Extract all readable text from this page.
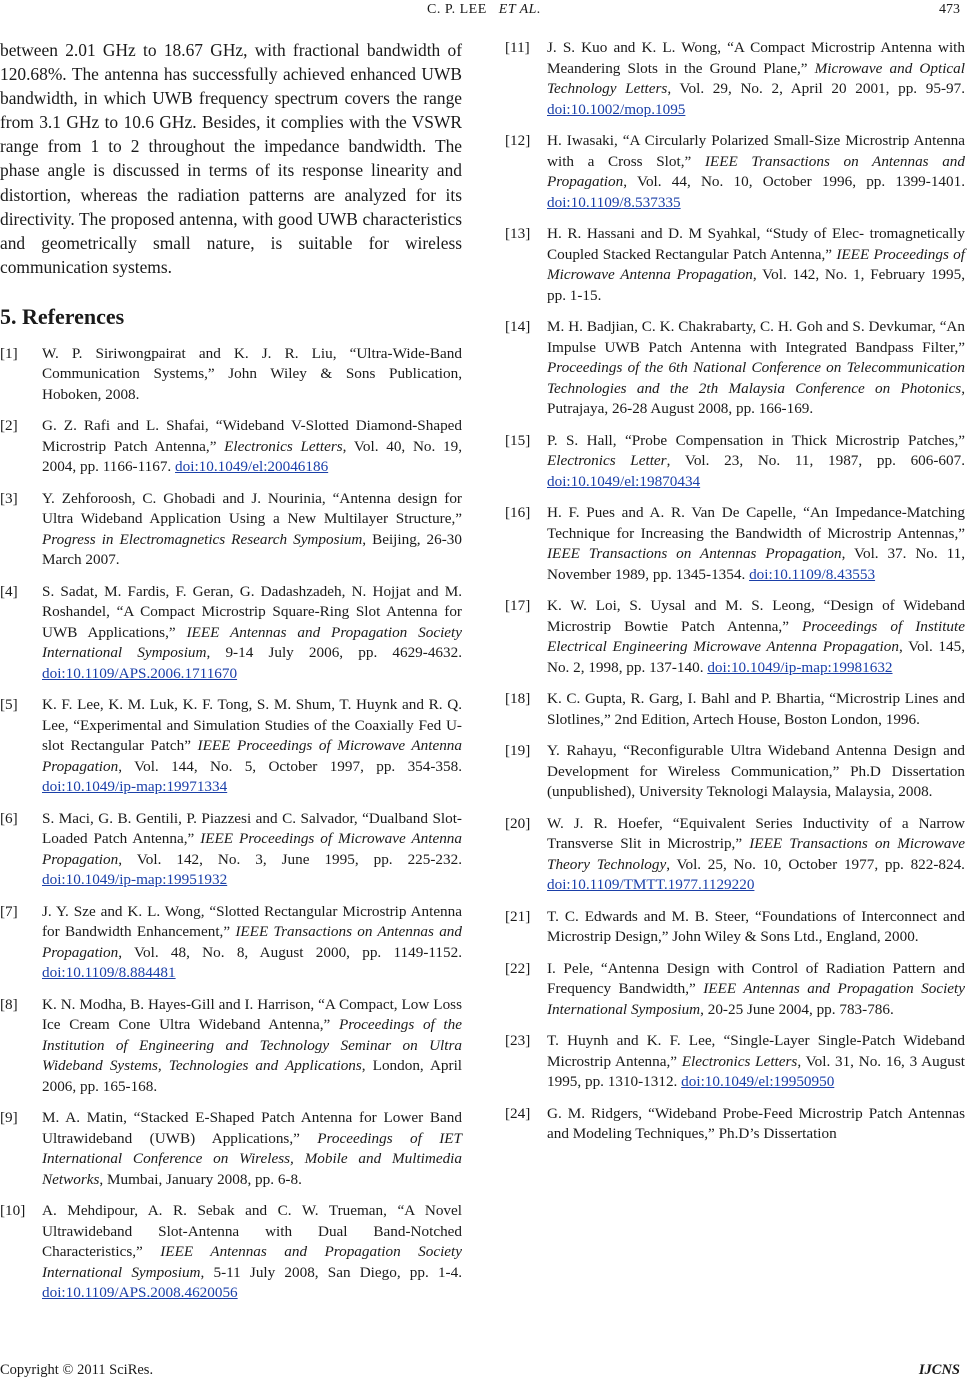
C. P. LEE ET AL.	473

between 2.01 GHz to 18.67 GHz, with fractional bandwidth of 120.68%. The antenna has successfully achieved enhanced UWB bandwidth, in which UWB frequency spectrum covers the range from 3.1 GHz to 10.6 GHz. Besides, it complies with the VSWR range from 1 to 2 throughout the impedance bandwidth. The phase angle is discussed in terms of its response linearity and distortion, whereas the radiation patterns are analyzed for its directivity. The proposed antenna, with good UWB characteristics and geometrically small nature, is suitable for wireless communication systems.

5. References
[1]	W. P. Siriwongpairat and K. J. R. Liu, “Ultra-Wide-Band Communication Systems,” John Wiley & Sons Publication, Hoboken, 2008.
[2]	G. Z. Rafi and L. Shafai, “Wideband V-Slotted Diamond-Shaped Microstrip Patch Antenna,” Electronics Letters, Vol. 40, No. 19, 2004, pp. 1166-1167. doi:10.1049/el:20046186
[3]	Y. Zehforoosh, C. Ghobadi and J. Nourinia, “Antenna design for Ultra Wideband Application Using a New Multilayer Structure,” Progress in Electromagnetics Research Symposium, Beijing, 26-30 March 2007.
[4]	S. Sadat, M. Fardis, F. Geran, G. Dadashzadeh, N. Hojjat and M. Roshandel, “A Compact Microstrip Square-Ring Slot Antenna for UWB Applications,” IEEE Antennas and Propagation Society International Symposium, 9-14 July 2006, pp. 4629-4632. doi:10.1109/APS.2006.1711670
[5]	K. F. Lee, K. M. Luk, K. F. Tong, S. M. Shum, T. Huynk and R. Q. Lee, “Experimental and Simulation Studies of the Coaxially Fed U-slot Rectangular Patch” IEEE Proceedings of Microwave Antenna Propagation, Vol. 144, No. 5, October 1997, pp. 354-358. doi:10.1049/ip-map:19971334
[6]	S. Maci, G. B. Gentili, P. Piazzesi and C. Salvador, “Dualband Slot-Loaded Patch Antenna,” IEEE Proceedings of Microwave Antenna Propagation, Vol. 142, No. 3, June 1995, pp. 225-232. doi:10.1049/ip-map:19951932
[7]	J. Y. Sze and K. L. Wong, “Slotted Rectangular Microstrip Antenna for Bandwidth Enhancement,” IEEE Transactions on Antennas and Propagation, Vol. 48, No. 8, August 2000, pp. 1149-1152. doi:10.1109/8.884481
[8]	K. N. Modha, B. Hayes-Gill and I. Harrison, “A Compact, Low Loss Ice Cream Cone Ultra Wideband Antenna,” Proceedings of the Institution of Engineering and Technology Seminar on Ultra Wideband Systems, Technologies and Applications, London, April 2006, pp. 165-168.
[9]	M. A. Matin, “Stacked E-Shaped Patch Antenna for Lower Band Ultrawideband (UWB) Applications,” Proceedings of IET International Conference on Wireless, Mobile and Multimedia Networks, Mumbai, January 2008, pp. 6-8.
[10]	A. Mehdipour, A. R. Sebak and C. W. Trueman, “A Novel Ultrawideband Slot-Antenna with Dual Band-Notched Characteristics,” IEEE Antennas and Propagation Society International Symposium, 5-11 July 2008, San Diego, pp. 1-4. doi:10.1109/APS.2008.4620056
[11]	J. S. Kuo and K. L. Wong, “A Compact Microstrip Antenna with Meandering Slots in the Ground Plane,” Microwave and Optical Technology Letters, Vol. 29, No. 2, April 20 2001, pp. 95-97. doi:10.1002/mop.1095
[12]	H. Iwasaki, “A Circularly Polarized Small-Size Microstrip Antenna with a Cross Slot,” IEEE Transactions on Antennas and Propagation, Vol. 44, No. 10, October 1996, pp. 1399-1401. doi:10.1109/8.537335
[13]	H. R. Hassani and D. M Syahkal, “Study of Elec- tromagnetically Coupled Stacked Rectangular Patch Antenna,” IEEE Proceedings of Microwave Antenna Propagation, Vol. 142, No. 1, February 1995, pp. 1-15.
[14]	M. H. Badjian, C. K. Chakrabarty, C. H. Goh and S. Devkumar, “An Impulse UWB Patch Antenna with Integrated Bandpass Filter,” Proceedings of the 6th National Conference on Telecommunication Technologies and the 2th Malaysia Conference on Photonics, Putrajaya, 26-28 August 2008, pp. 166-169.
[15]	P. S. Hall, “Probe Compensation in Thick Microstrip Patches,” Electronics Letter, Vol. 23, No. 11, 1987, pp. 606-607. doi:10.1049/el:19870434
[16]	H. F. Pues and A. R. Van De Capelle, “An Impedance-Matching Technique for Increasing the Bandwidth of Microstrip Antennas,” IEEE Transactions on Antennas Propagation, Vol. 37. No. 11, November 1989, pp. 1345-1354. doi:10.1109/8.43553
[17]	K. W. Loi, S. Uysal and M. S. Leong, “Design of Wideband Microstrip Bowtie Patch Antenna,” Proceedings of Institute Electrical Engineering Microwave Antenna Propagation, Vol. 145, No. 2, 1998, pp. 137-140. doi:10.1049/ip-map:19981632
[18]	K. C. Gupta, R. Garg, I. Bahl and P. Bhartia, “Microstrip Lines and Slotlines,” 2nd Edition, Artech House, Boston London, 1996.
[19]	Y. Rahayu, “Reconfigurable Ultra Wideband Antenna Design and Development for Wireless Communication,” Ph.D Dissertation (unpublished), University Teknologi Malaysia, Malaysia, 2008.
[20]	W. J. R. Hoefer, “Equivalent Series Inductivity of a Narrow Transverse Slit in Microstrip,” IEEE Transactions on Microwave Theory Technology, Vol. 25, No. 10, October 1977, pp. 822-824. doi:10.1109/TMTT.1977.1129220
[21]	T. C. Edwards and M. B. Steer, “Foundations of Interconnect and Microstrip Design,” John Wiley & Sons Ltd., England, 2000.
[22]	I. Pele, “Antenna Design with Control of Radiation Pattern and Frequency Bandwidth,” IEEE Antennas and Propagation Society International Symposium, 20-25 June 2004, pp. 783-786.
[23]	T. Huynh and K. F. Lee, “Single-Layer Single-Patch Wideband Microstrip Antenna,” Electronics Letters, Vol. 31, No. 16, 3 August 1995, pp. 1310-1312. doi:10.1049/el:19950950
[24]	G. M. Ridgers, “Wideband Probe-Feed Microstrip Patch Antennas and Modeling Techniques,” Ph.D’s Dissertation
Copyright © 2011 SciRes.	IJCNS
